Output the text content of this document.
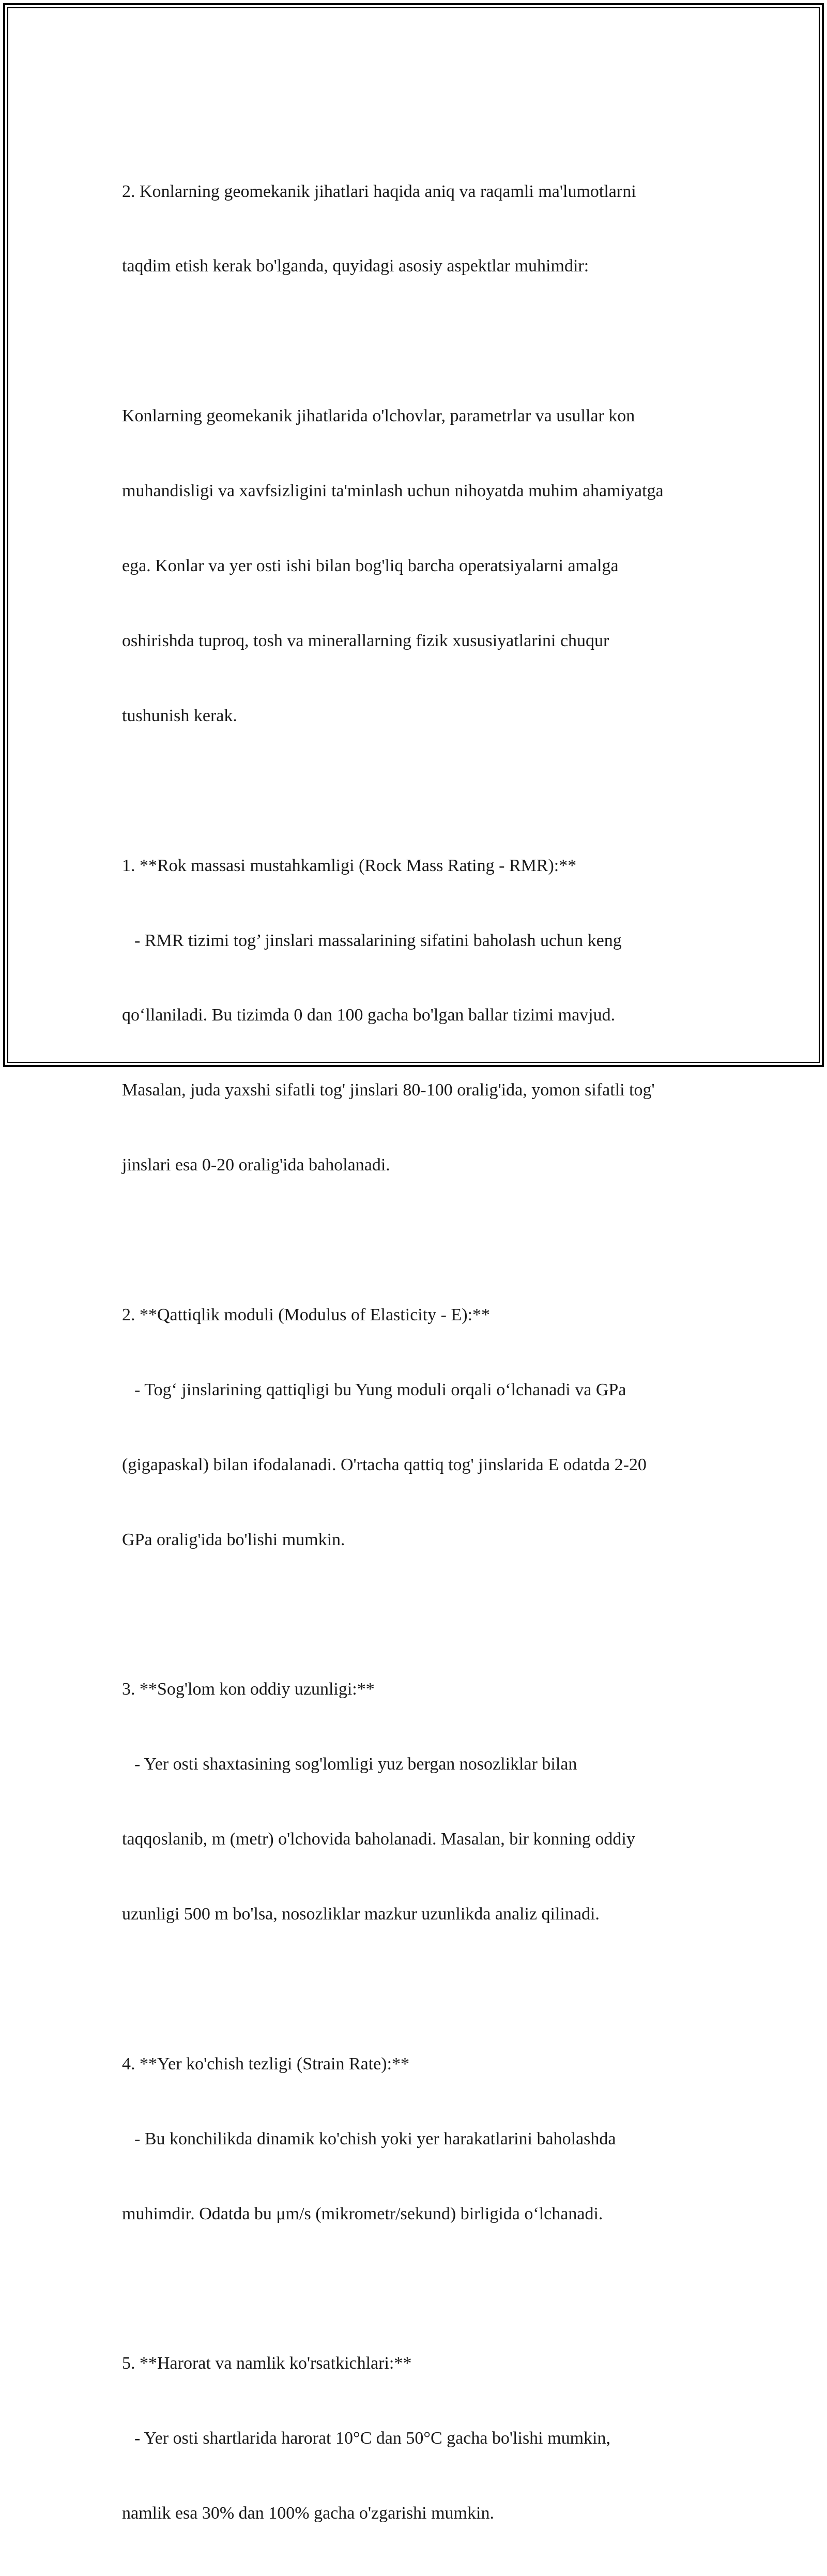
2. Konlarning geomekanik jihatlari haqida aniq va raqamli ma'lumotlarni

taqdim etish kerak bo'lganda, quyidagi asosiy aspektlar muhimdir:

Konlarning geomekanik jihatlarida o'lchovlar, parametrlar va usullar kon

muhandisligi va xavfsizligini ta'minlash uchun nihoyatda muhim ahamiyatga

ega. Konlar va yer osti ishi bilan bog'liq barcha operatsiyalarni amalga

oshirishda tuproq, tosh va minerallarning fizik xususiyatlarini chuqur

tushunish kerak.

1. **Rok massasi mustahkamligi (Rock Mass Rating - RMR):**

- RMR tizimi tog’ jinslari massalarining sifatini baholash uchun keng

qo‘llaniladi. Bu tizimda 0 dan 100 gacha bo'lgan ballar tizimi mavjud.

Masalan, juda yaxshi sifatli tog' jinslari 80-100 oralig'ida, yomon sifatli tog'

jinslari esa 0-20 oralig'ida baholanadi.

2. **Qattiqlik moduli (Modulus of Elasticity - E):**

- Tog‘ jinslarining qattiqligi bu Yung moduli orqali o‘lchanadi va GPa

(gigapaskal) bilan ifodalanadi. O'rtacha qattiq tog' jinslarida E odatda 2-20

GPa oralig'ida bo'lishi mumkin.

3. **Sog'lom kon oddiy uzunligi:**

- Yer osti shaxtasining sog'lomligi yuz bergan nosozliklar bilan

taqqoslanib, m (metr) o'lchovida baholanadi. Masalan, bir konning oddiy

uzunligi 500 m bo'lsa, nosozliklar mazkur uzunlikda analiz qilinadi.

4. **Yer ko'chish tezligi (Strain Rate):**

- Bu konchilikda dinamik ko'chish yoki yer harakatlarini baholashda

muhimdir. Odatda bu μm/s (mikrometr/sekund) birligida o‘lchanadi.

5. **Harorat va namlik ko'rsatkichlari:**

- Yer osti shartlarida harorat 10°C dan 50°C gacha bo'lishi mumkin,

namlik esa 30% dan 100% gacha o'zgarishi mumkin.
